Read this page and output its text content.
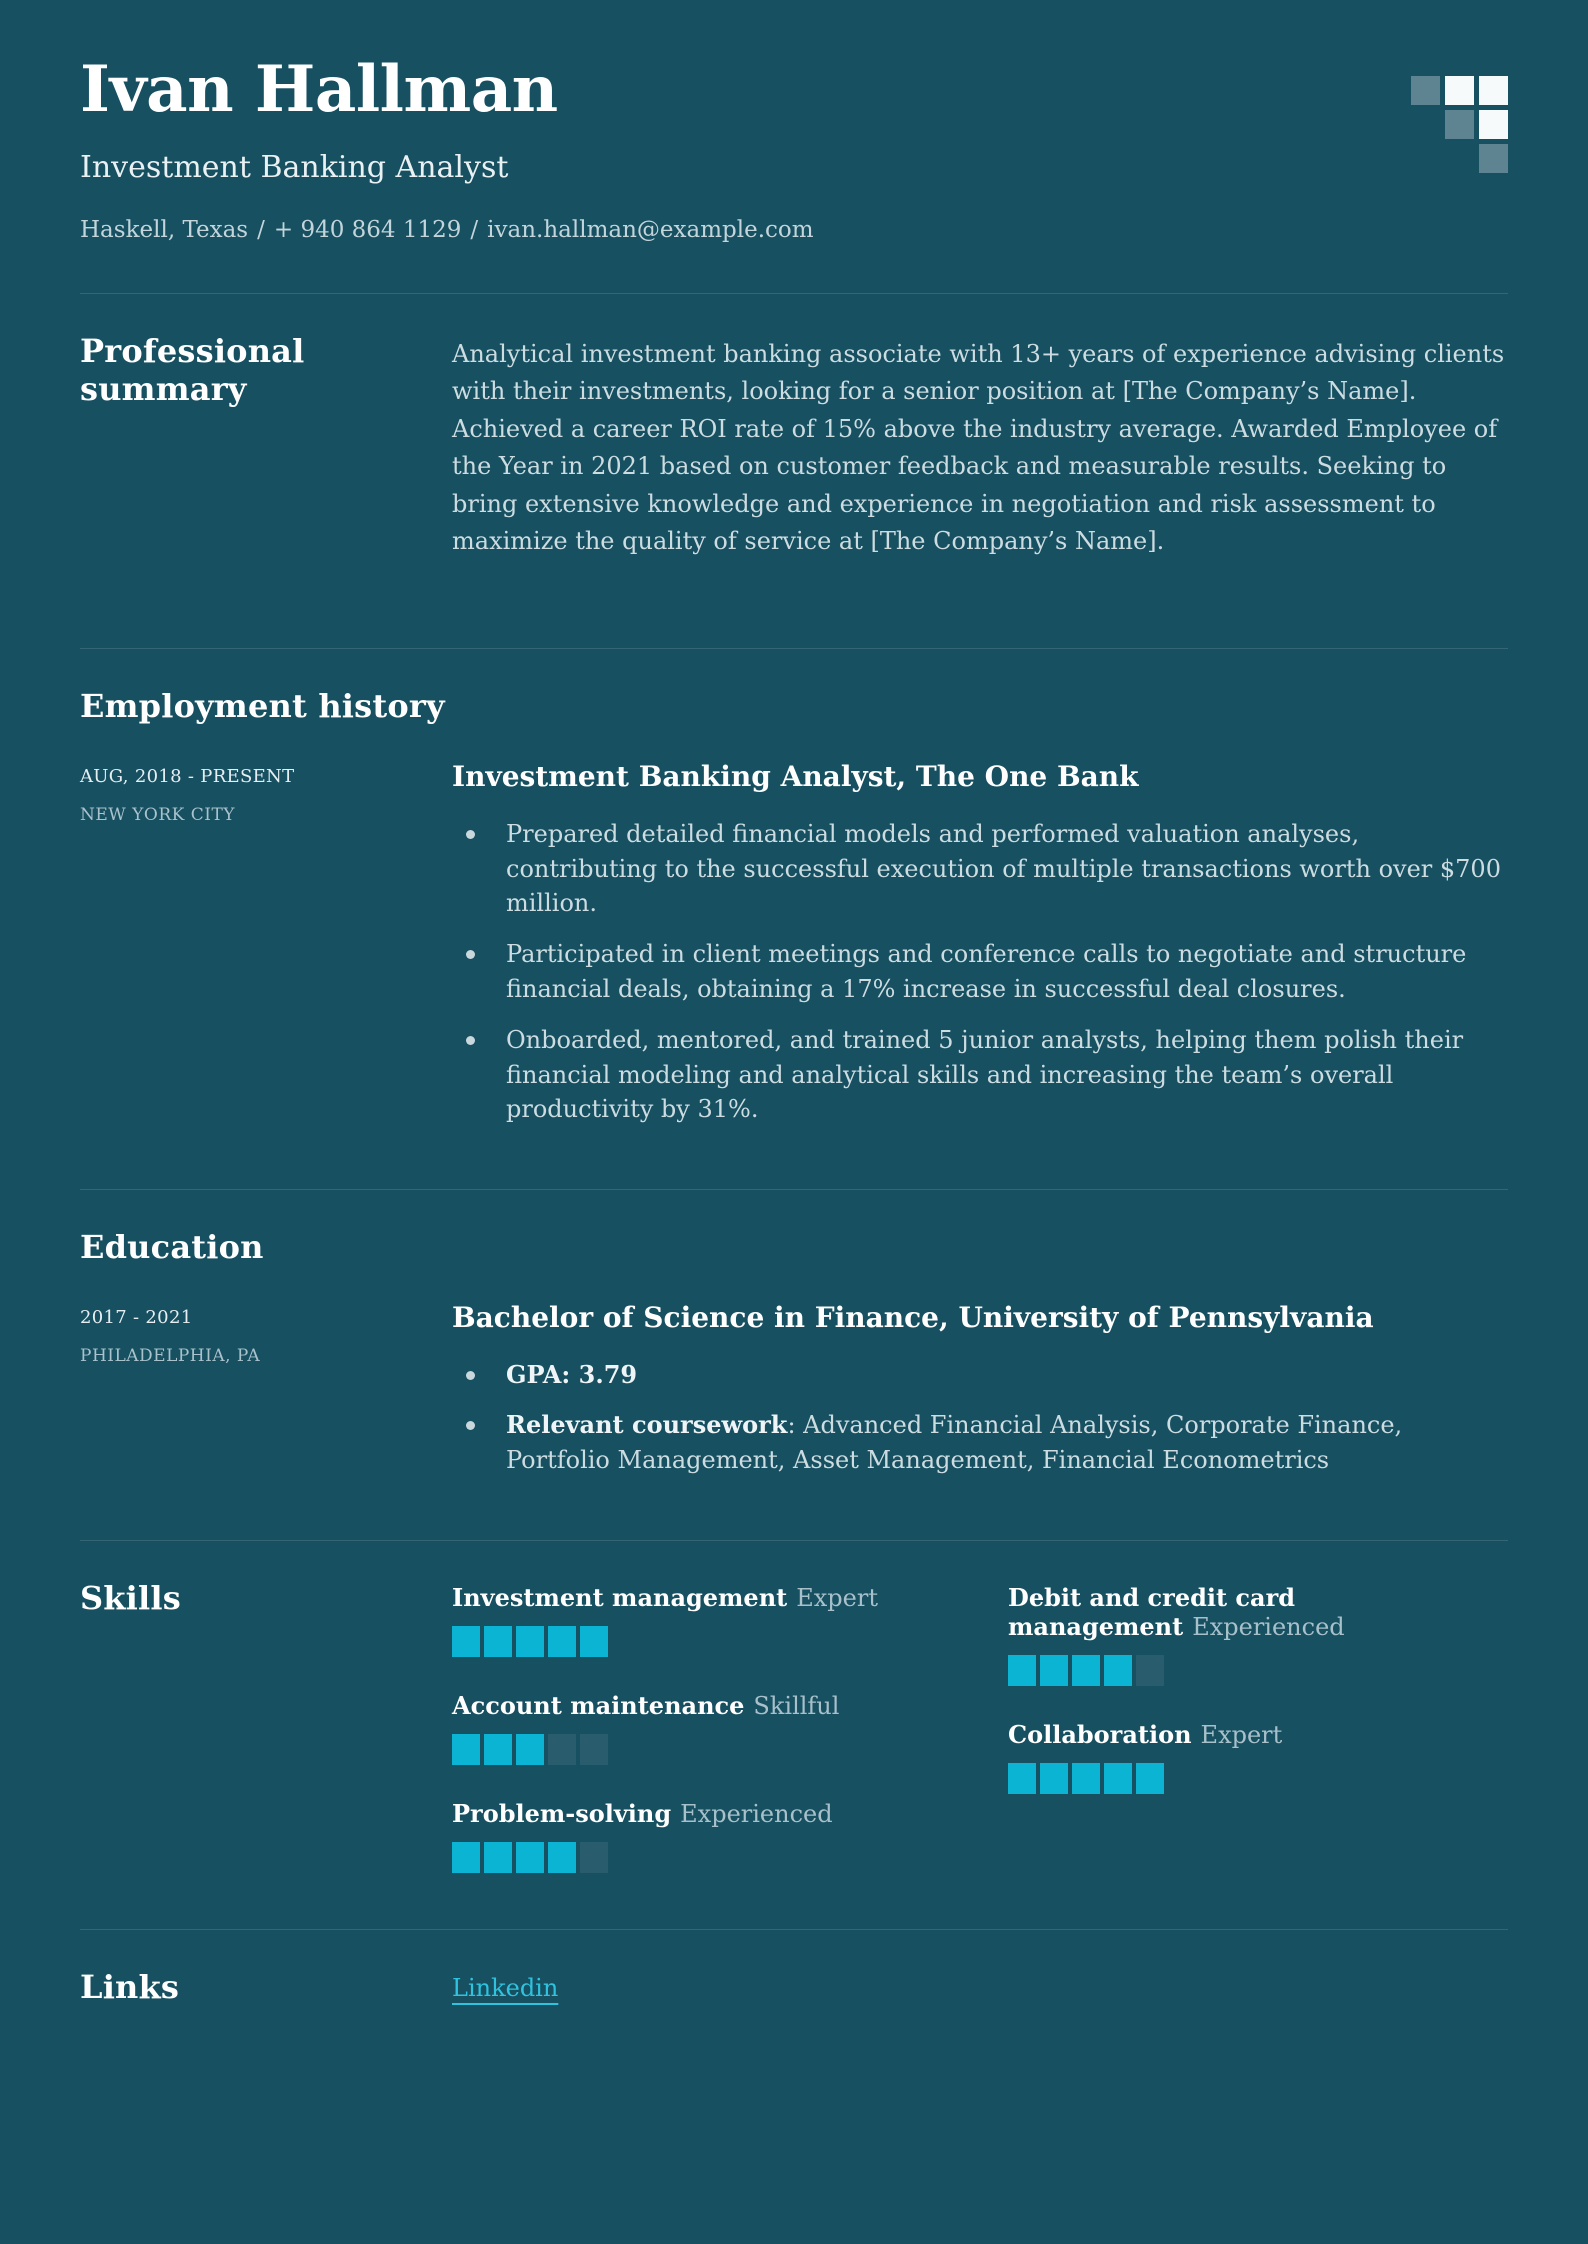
Ivan Hallman
Investment Banking Analyst
Haskell, Texas / + 940 864 1129 / ivan.hallman@example.com
Professional summary

Analytical investment banking associate with 13+ years of experience advising clients with their investments, looking for a senior position at [The Company’s Name]. Achieved a career ROI rate of 15% above the industry average. Awarded Employee of the Year in 2021 based on customer feedback and measurable results. Seeking to bring extensive knowledge and experience in negotiation and risk assessment to maximize the quality of service at [The Company’s Name].

Employment history
AUG, 2018 - PRESENT
NEW YORK CITY
Investment Banking Analyst, The One Bank
Prepared detailed financial models and performed valuation analyses, contributing to the successful execution of multiple transactions worth over $700 million.
Participated in client meetings and conference calls to negotiate and structure financial deals, obtaining a 17% increase in successful deal closures.
Onboarded, mentored, and trained 5 junior analysts, helping them polish their financial modeling and analytical skills and increasing the team’s overall productivity by 31%.
Education
2017 - 2021
PHILADELPHIA, PA
Bachelor of Science in Finance, University of Pennsylvania
GPA: 3.79
Relevant coursework: Advanced Financial Analysis, Corporate Finance, Portfolio Management, Asset Management, Financial Econometrics
Skills	Investment management Expert
Account maintenance Skillful
Problem-solving Experienced
Debit and credit card management Experienced
Collaboration Expert
Links	Linkedin
